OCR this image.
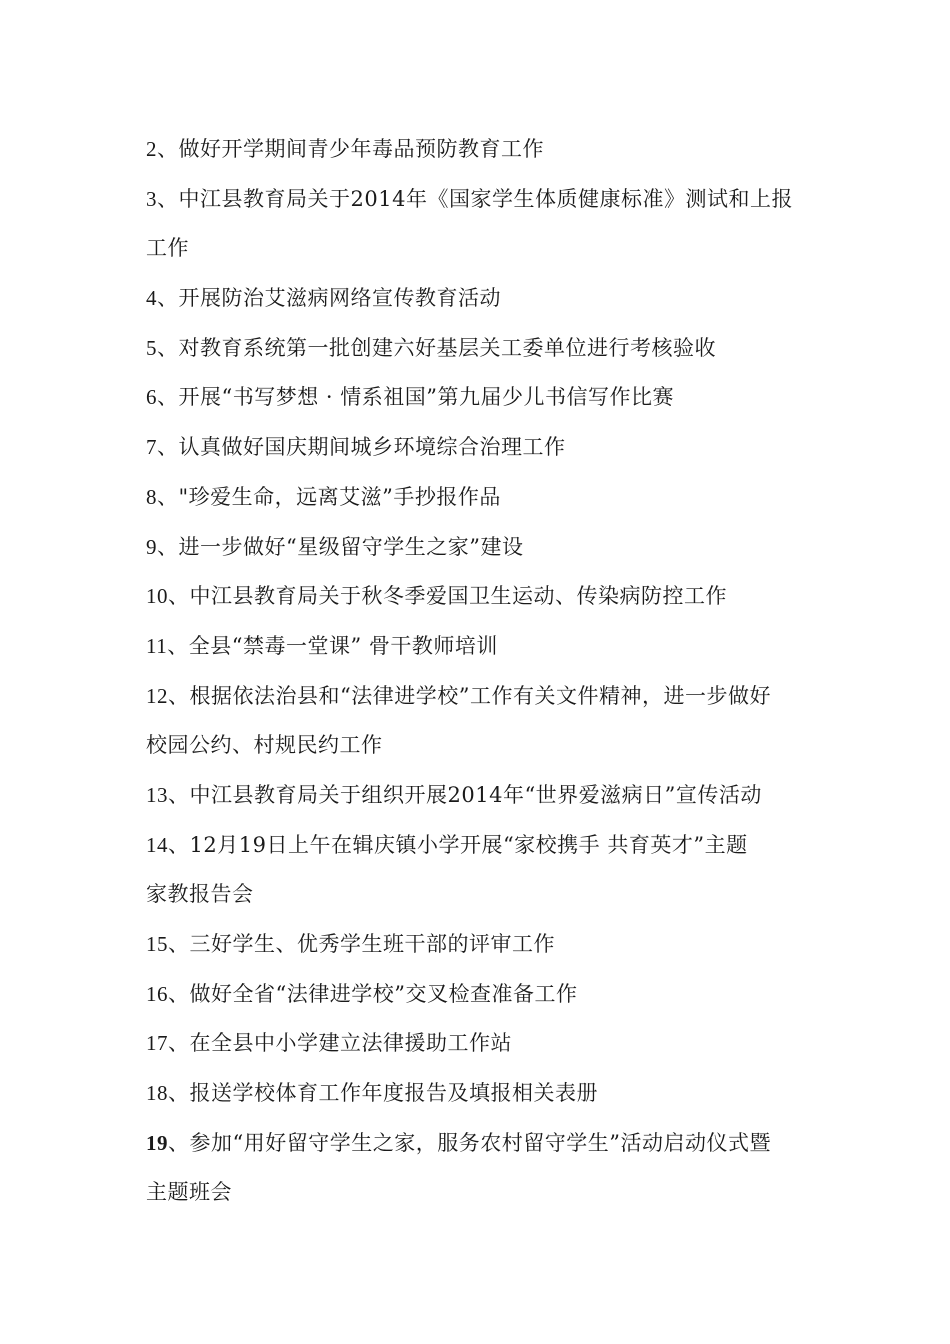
2、做好开学期间青少年毒品预防教育工作
3、中江县教育局关于2014年《国家学生体质健康标准》测试和上报
工作
4、开展防治艾滋病网络宣传教育活动
5、对教育系统第一批创建六好基层关工委单位进行考核验收
6、开展“书写梦想 · 情系祖国”第九届少儿书信写作比赛
7、认真做好国庆期间城乡环境综合治理工作
8、"珍爱生命，远离艾滋”手抄报作品
9、进一步做好“星级留守学生之家”建设
10、中江县教育局关于秋冬季爱国卫生运动、传染病防控工作
11、全县“禁毒一堂课” 骨干教师培训
12、根据依法治县和“法律进学校”工作有关文件精神，进一步做好
校园公约、村规民约工作
13、中江县教育局关于组织开展2014年“世界爱滋病日”宣传活动
14、12月19日上午在辑庆镇小学开展“家校携手 共育英才”主题
家教报告会
15、三好学生、优秀学生班干部的评审工作
16、做好全省“法律进学校”交叉检查准备工作
17、在全县中小学建立法律援助工作站
18、报送学校体育工作年度报告及填报相关表册
19、参加“用好留守学生之家，服务农村留守学生”活动启动仪式暨
主题班会
